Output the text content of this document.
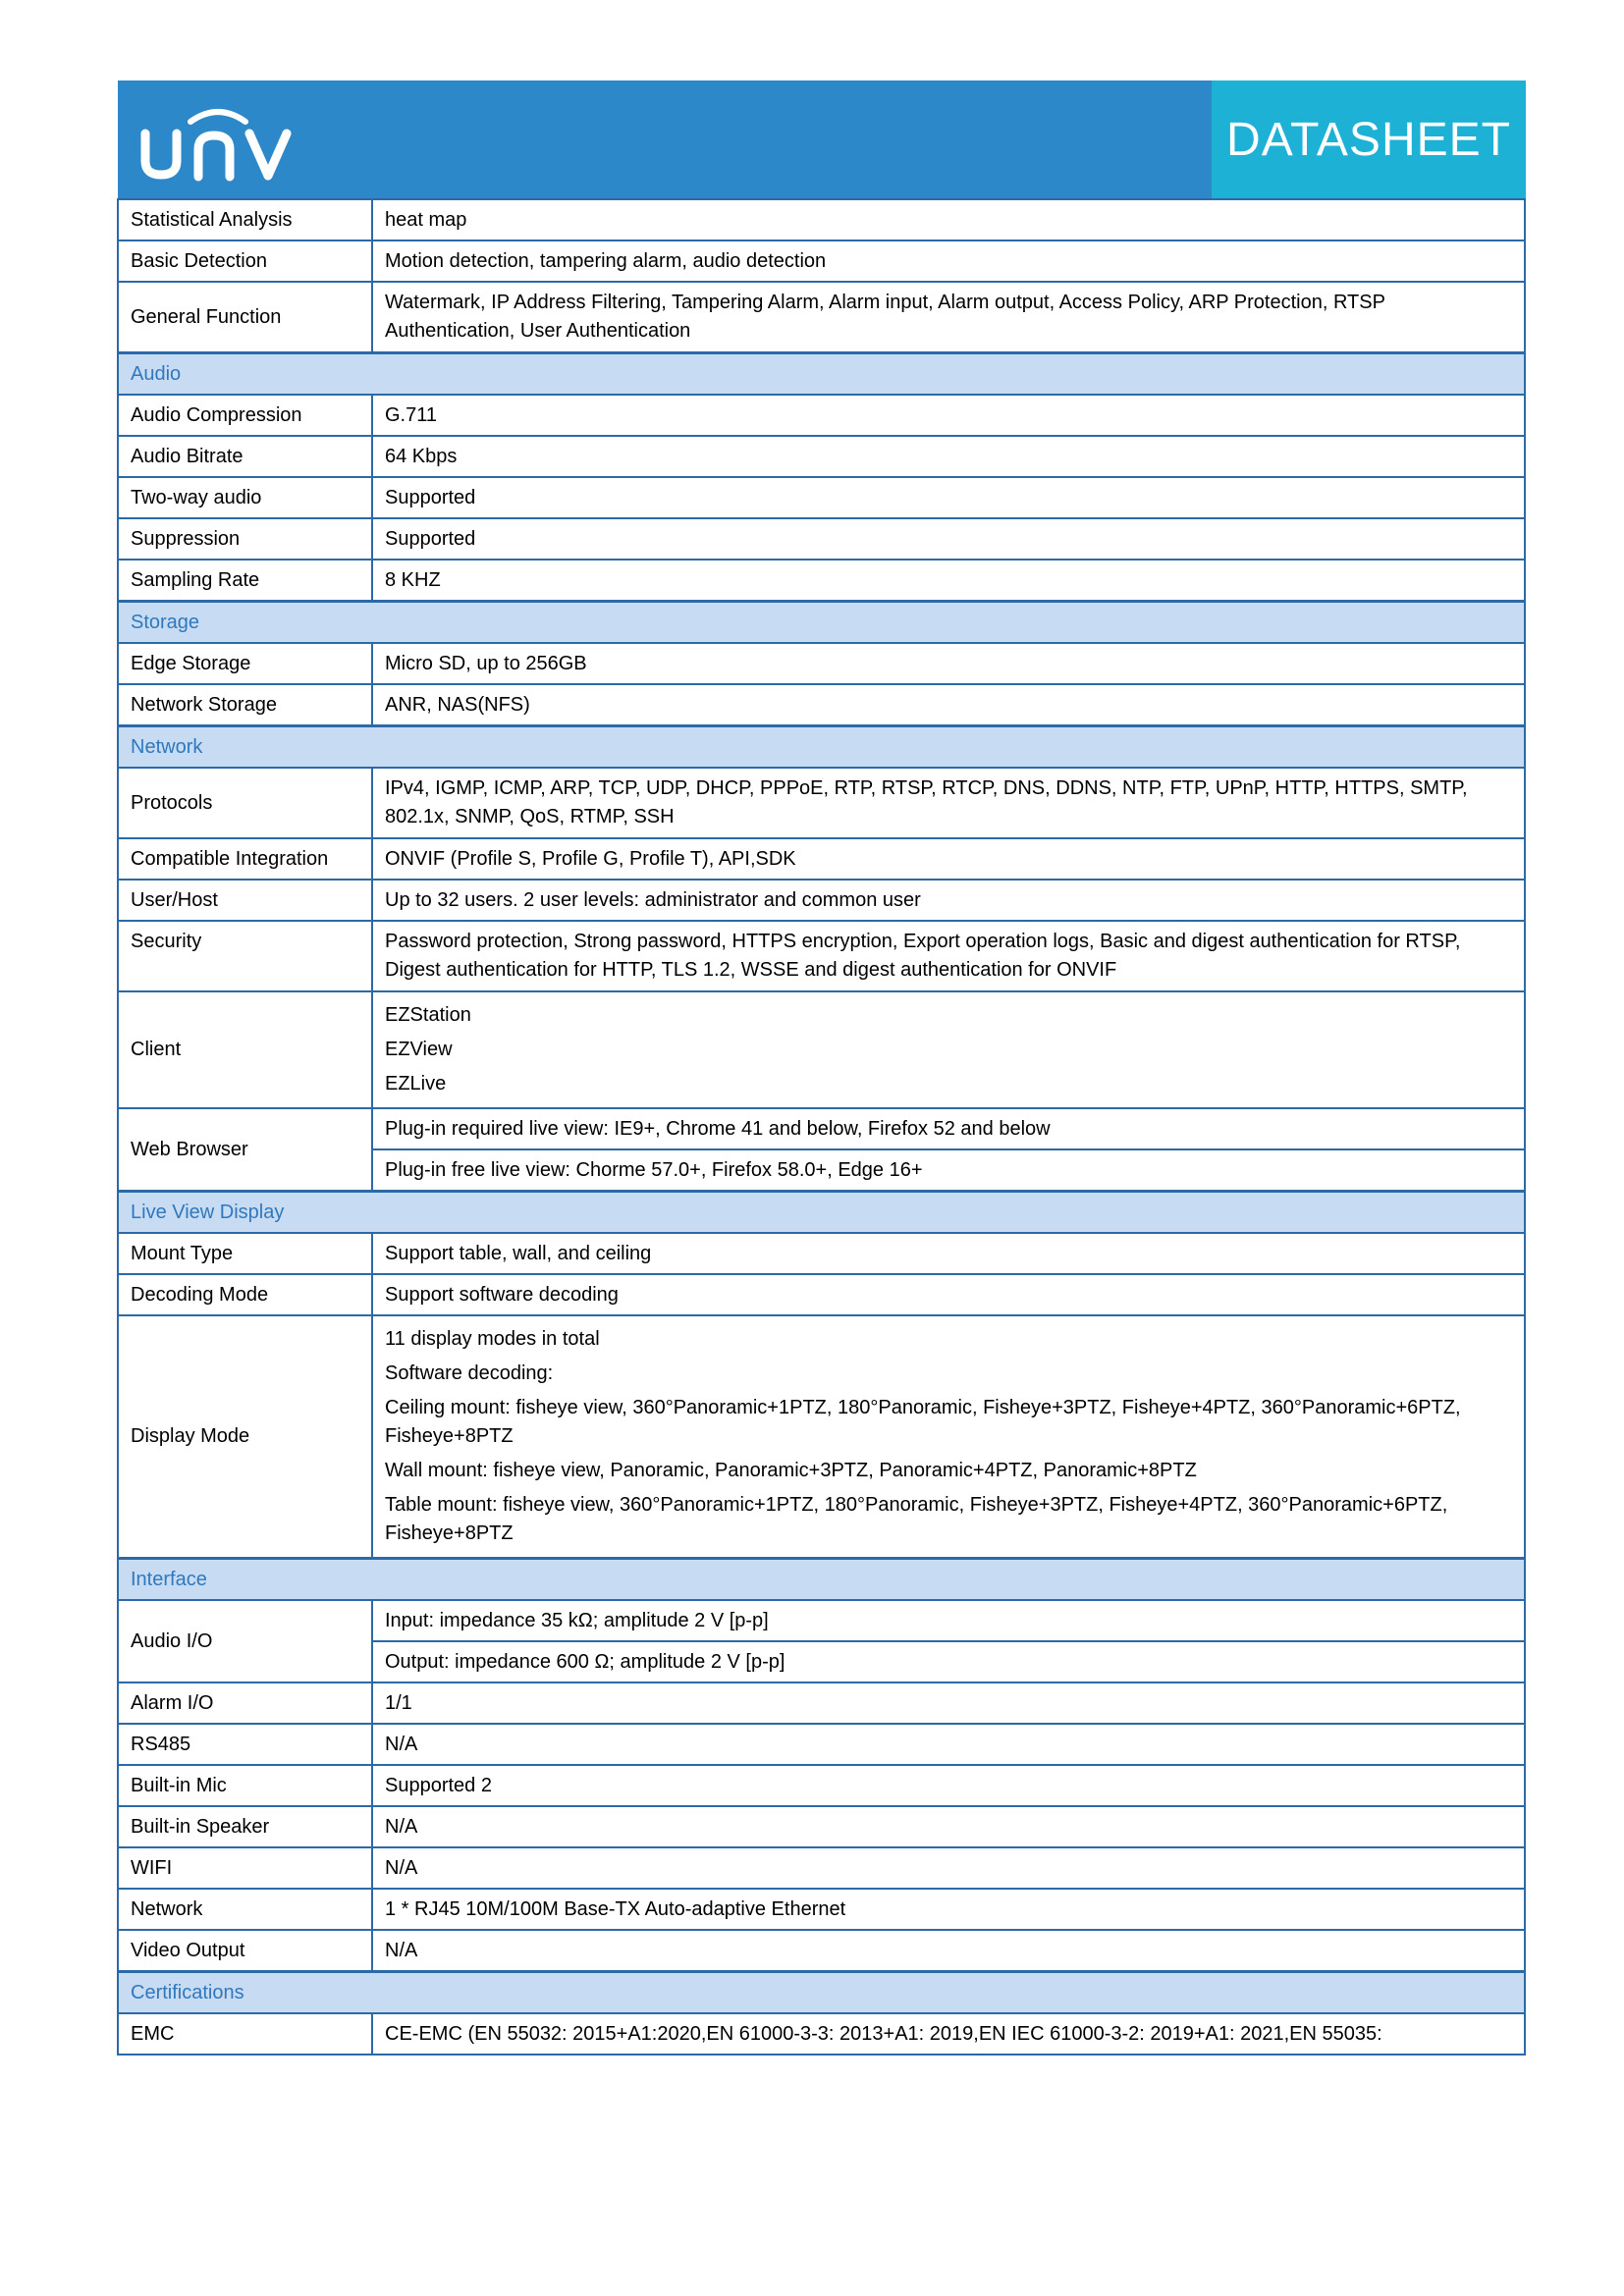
DATASHEET
Statistical Analysis	heat map
Basic Detection	Motion detection, tampering alarm, audio detection
General Function	Watermark, IP Address Filtering, Tampering Alarm, Alarm input, Alarm output, Access Policy, ARP Protection, RTSP Authentication, User Authentication
Audio	
Audio Compression	G.711
Audio Bitrate	64 Kbps
Two-way audio	Supported
Suppression	Supported
Sampling Rate	8 KHZ
Storage	
Edge Storage	Micro SD, up to 256GB
Network Storage	ANR, NAS(NFS)
Network	
Protocols	IPv4, IGMP, ICMP, ARP, TCP, UDP, DHCP, PPPoE, RTP, RTSP, RTCP, DNS, DDNS, NTP, FTP, UPnP, HTTP, HTTPS, SMTP, 802.1x, SNMP, QoS, RTMP, SSH
Compatible Integration	ONVIF (Profile S, Profile G, Profile T), API,SDK
User/Host	Up to 32 users. 2 user levels: administrator and common user
Security	Password protection, Strong password, HTTPS encryption, Export operation logs, Basic and digest authentication for RTSP, Digest authentication for HTTP, TLS 1.2, WSSE and digest authentication for ONVIF
Client	EZStation
EZView
EZLive

Web Browser	Plug-in required live view: IE9+, Chrome 41 and below, Firefox 52 and below
	Plug-in free live view: Chorme 57.0+, Firefox 58.0+, Edge 16+
Live View Display	
Mount Type	Support table, wall, and ceiling
Decoding Mode	Support software decoding
Display Mode	11 display modes in total
Software decoding:
Ceiling mount: fisheye view, 360°Panoramic+1PTZ, 180°Panoramic, Fisheye+3PTZ, Fisheye+4PTZ, 360°Panoramic+6PTZ, Fisheye+8PTZ
Wall mount: fisheye view, Panoramic, Panoramic+3PTZ, Panoramic+4PTZ, Panoramic+8PTZ
Table mount: fisheye view, 360°Panoramic+1PTZ, 180°Panoramic, Fisheye+3PTZ, Fisheye+4PTZ, 360°Panoramic+6PTZ, Fisheye+8PTZ

Interface	
Audio I/O	Input: impedance 35 kΩ; amplitude 2 V [p-p]
	Output: impedance 600 Ω; amplitude 2 V [p-p]
Alarm I/O	1/1
RS485	N/A
Built-in Mic	Supported 2
Built-in Speaker	N/A
WIFI	N/A
Network	1 * RJ45 10M/100M Base-TX Auto-adaptive Ethernet
Video Output	N/A
Certifications	
EMC	CE-EMC (EN 55032: 2015+A1:2020,EN 61000-3-3: 2013+A1: 2019,EN IEC 61000-3-2: 2019+A1: 2021,EN 55035:
